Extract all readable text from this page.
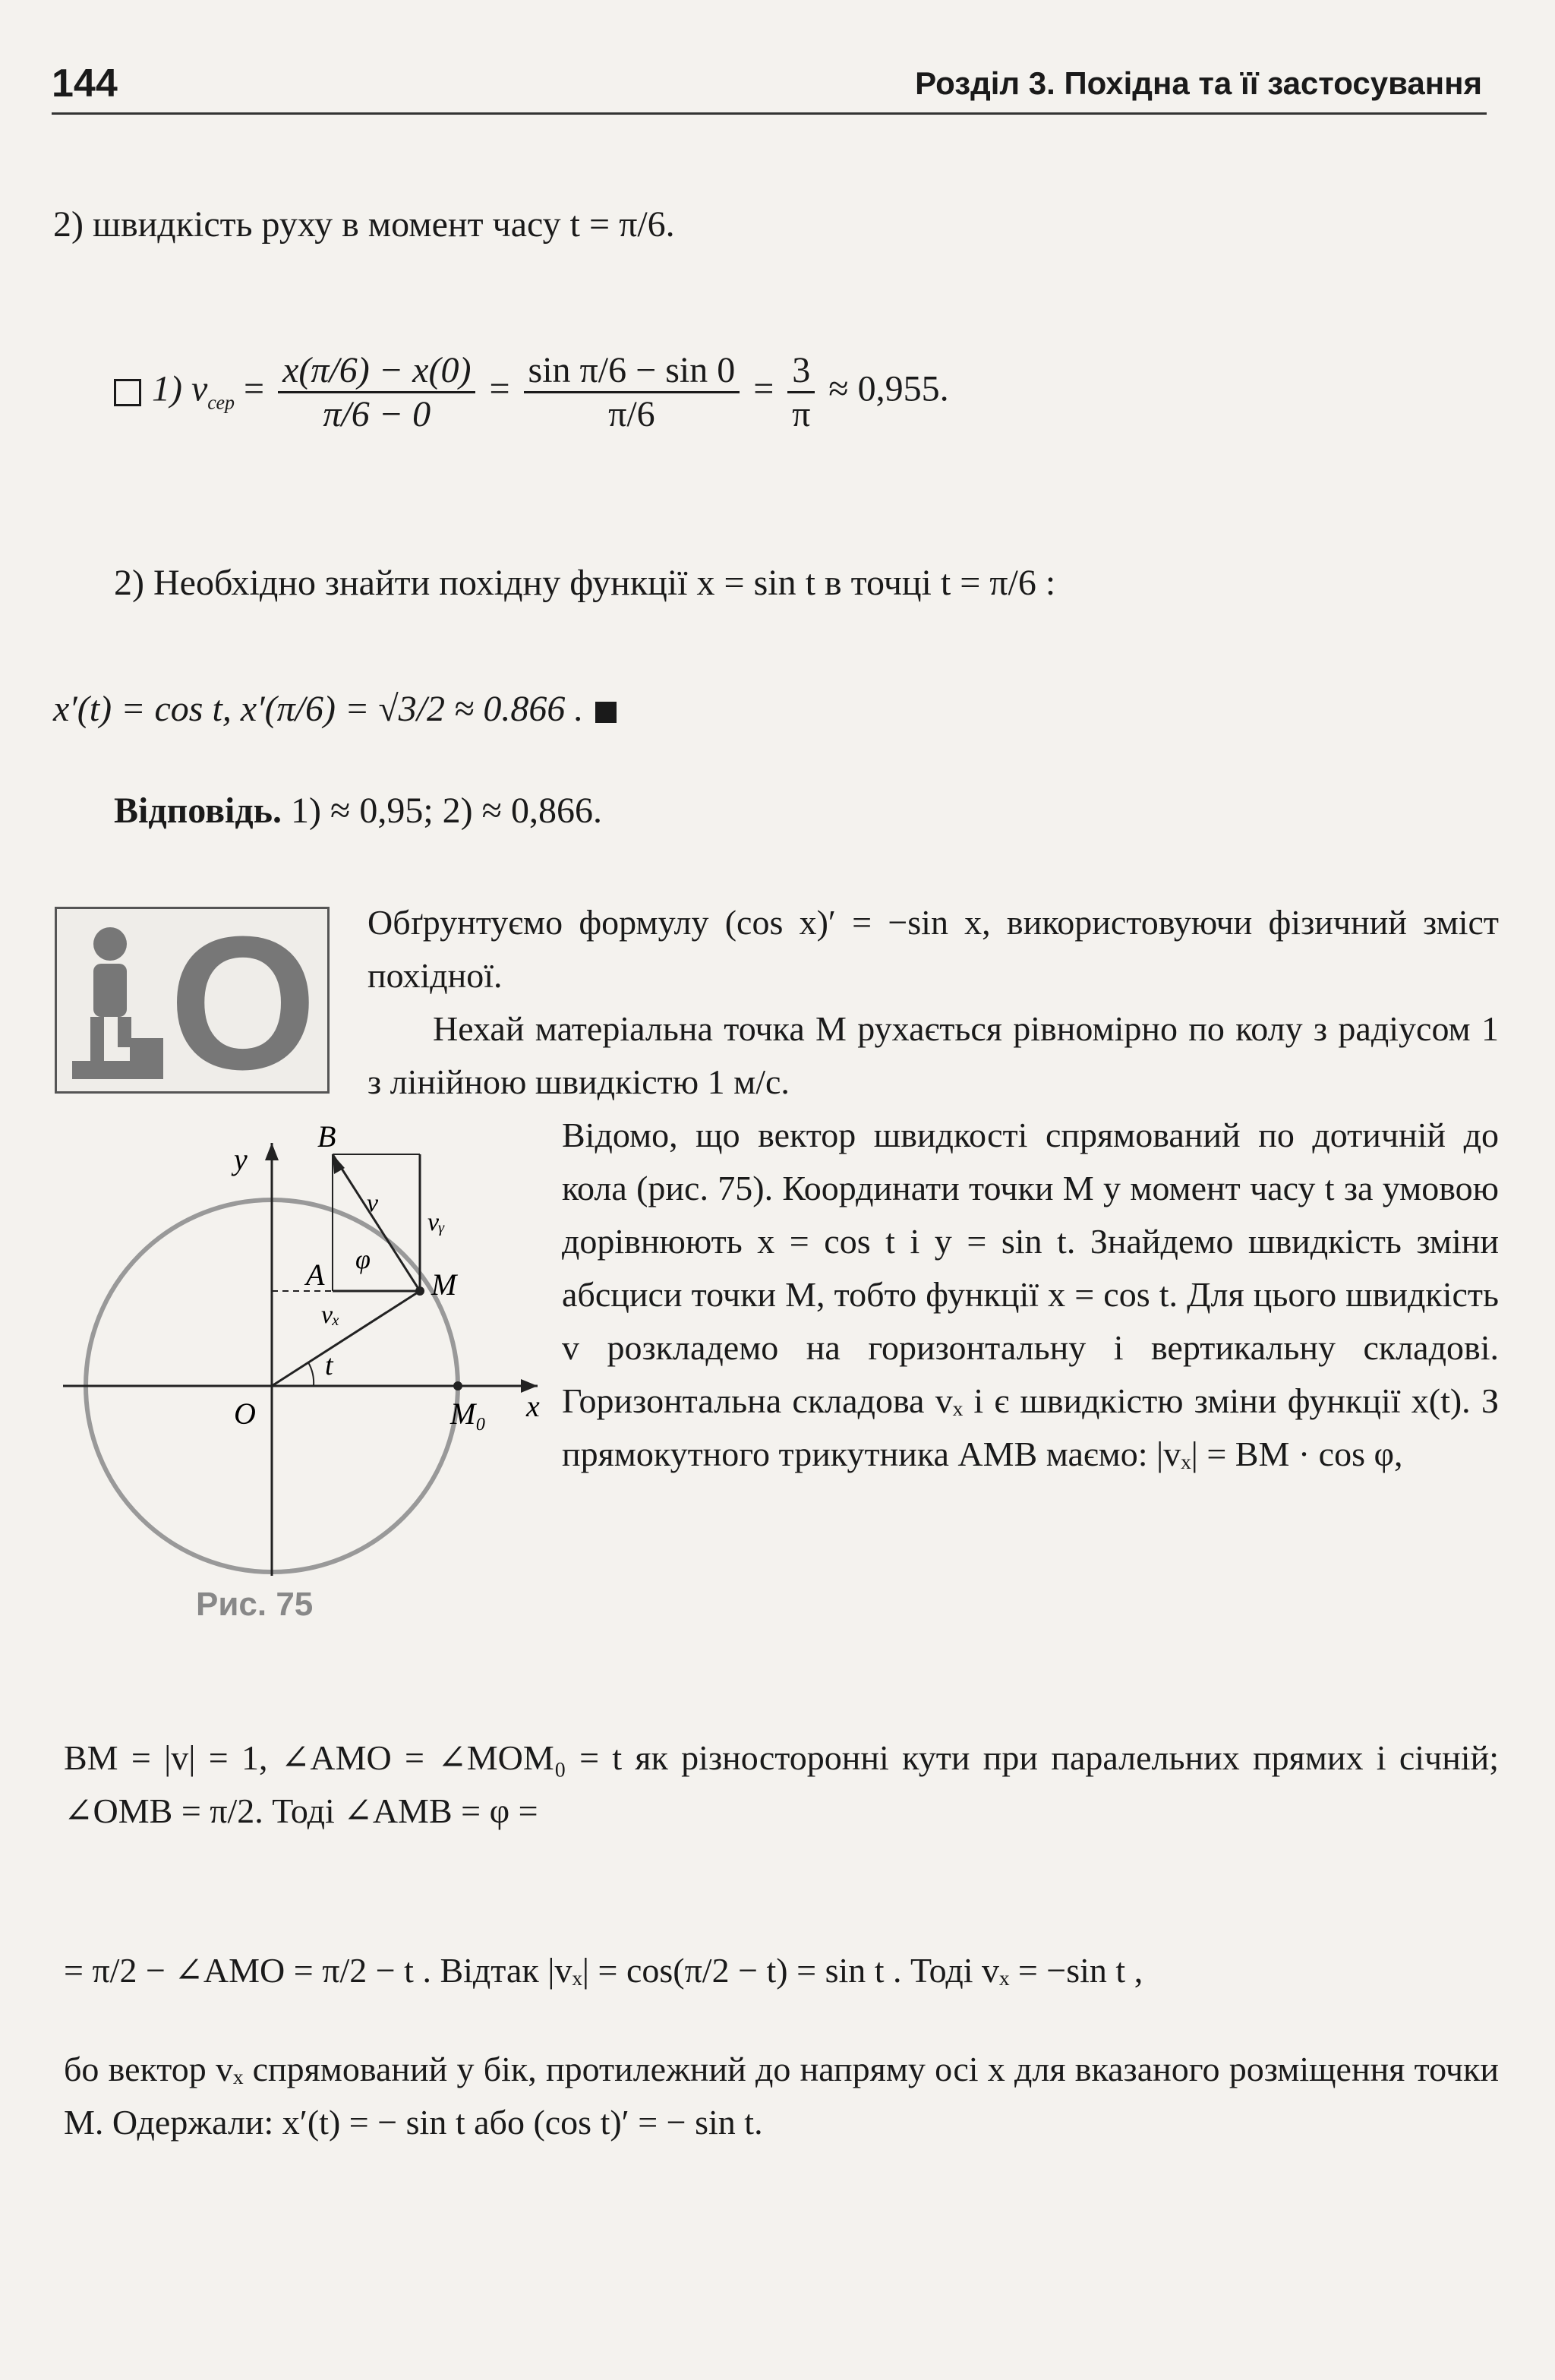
144	Розділ 3. Похідна та її застосування
2) швидкість руху в момент часу t = π/6.
1) $v_{сер} = \frac{x(\pi/6) - x(0)}{\pi/6 - 0} = \frac{\text{sin π/6 − sin 0}}{\pi/6} = \frac{3}{\pi} \approx 0,955$.
2) Необхідно знайти похідну функції x = sin t в точці t = π/6 :
x′(t) = cos t, x′(π/6) = √3/2 ≈ 0.866 .
Відповідь. 1) ≈ 0,95; 2) ≈ 0,866.
O Обґрунтуємо формулу (cos x)′ = −sin x, використовуючи фізичний зміст похідної.
Нехай матеріальна точка M рухається рівномірно по колу з радіусом 1 з лінійною швидкістю 1 м/с.
Відомо, що вектор швидкості спрямований по дотичній до кола (рис. 75). Координати точки M у момент часу t за умовою дорівнюють x = cos t і y = sin t. Знайдемо швидкість зміни абсциси точки M, тобто функції x = cos t. Для цього швидкість v розкладемо на горизонтальну і вертикальну складові. Горизонтальна складова vₓ і є швидкістю зміни функції x(t). З прямокутного трикутника AMB маємо: |vₓ| = BM · cos φ,
y
x
O	M₀
M
A
B
t
φ
v
vᵧ
vₓ
Рис. 75
BM = |v| = 1, ∠AMO = ∠MOM₀ = t як різносторонні кути при паралельних прямих і січній; ∠OMB = π/2. Тоді ∠AMB = φ =
= π/2 − ∠AMO = π/2 − t . Відтак |vₓ| = cos(π/2 − t) = sin t . Тоді vₓ = −sin t ,
бо вектор vₓ спрямований у бік, протилежний до напряму осі x для вказаного розміщення точки M. Одержали: x′(t) = − sin t або (cos t)′ = − sin t.
